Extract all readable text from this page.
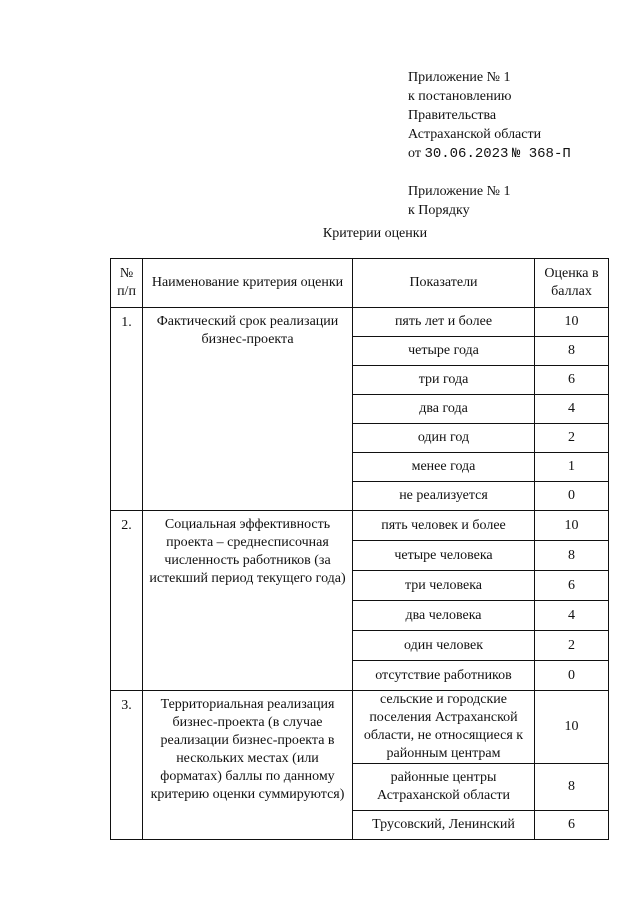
Приложение № 1
к постановлению
Правительства
Астраханской области
от 30.06.2023 № 368-П
Приложение № 1
к Порядку
Критерии оценки
№ п/п	Наименование критерия оценки	Показатели	Оценка в баллах
1.	Фактический срок реализации бизнес-проекта	пять лет и более	10
		четыре года	8
		три года	6
		два года	4
		один год	2
		менее года	1
		не реализуется	0
2.	Социальная эффективность проекта – среднесписочная численность работников (за истекший период текущего года)	пять человек и более	10
		четыре человека	8
		три человека	6
		два человека	4
		один человек	2
		отсутствие работников	0
3.	Территориальная реализация бизнес-проекта (в случае реализации бизнес-проекта в нескольких местах (или форматах) баллы по данному критерию оценки суммируются)	сельские и городские поселения Астраханской области, не относящиеся к районным центрам	10
		районные центры Астраханской области	8
		Трусовский, Ленинский	6
